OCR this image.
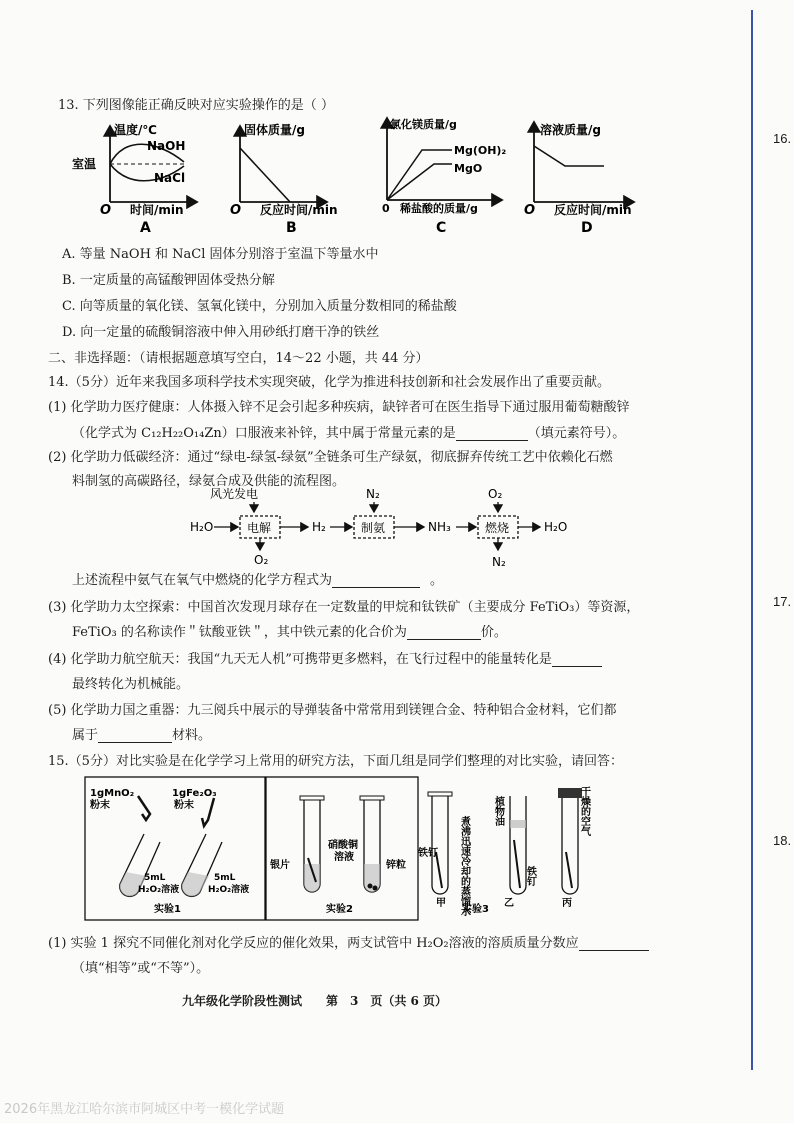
16.
17.
18.
13. 下列图像能正确反映对应实验操作的是（ ）
温度/℃
室温
NaOH
NaCl
O 时间/min
A
固体质量/g
O 反应时间/min
B
氯化镁质量/g
Mg(OH)₂
MgO
0 稀盐酸的质量/g
C
溶液质量/g
O 反应时间/min
D
A. 等量 NaOH 和 NaCl 固体分别溶于室温下等量水中
B. 一定质量的高锰酸钾固体受热分解
C. 向等质量的氧化镁、氢氧化镁中，分别加入质量分数相同的稀盐酸
D. 向一定量的硫酸铜溶液中伸入用砂纸打磨干净的铁丝
二、非选择题：（请根据题意填写空白，14～22 小题，共 44 分）
14.（5分）近年来我国多项科学技术实现突破，化学为推进科技创新和社会发展作出了重要贡献。
(1) 化学助力医疗健康：人体摄入锌不足会引起多种疾病，缺锌者可在医生指导下通过服用葡萄糖酸锌
（化学式为 C₁₂H₂₂O₁₄Zn）口服液来补锌，其中属于常量元素的是	（填元素符号）。
(2) 化学助力低碳经济：通过“绿电-绿氢-绿氨”全链条可生产绿氨，彻底摒弃传统工艺中依赖化石燃
料制氢的高碳路径，绿氨合成及供能的流程图。
风光发电
H₂O	电解
O₂
H₂
N₂
制氨	NH₃
O₂
燃烧
N₂
H₂O
上述流程中氨气在氧气中燃烧的化学方程式为	。
(3) 化学助力太空探索：中国首次发现月球存在一定数量的甲烷和钛铁矿（主要成分 FeTiO₃）等资源，
FeTiO₃ 的名称读作＂钛酸亚铁＂，其中铁元素的化合价为	价。
(4) 化学助力航空航天：我国“九天无人机”可携带更多燃料，在飞行过程中的能量转化是
最终转化为机械能。
(5) 化学助力国之重器：九三阅兵中展示的导弹装备中常常用到镁锂合金、特种铝合金材料，它们都
属于	材料。
15.（5分）对比实验是在化学学习上常用的研究方法，下面几组是同学们整理的对比实验，请回答：
1gMnO₂
粉末
1gFe₂O₃
粉末
5mL
H₂O₂溶液
5mL
H₂O₂溶液
实验1
银片
硝酸铜
溶液
锌粒
实验2
铁钉 煮沸迅速冷却的蒸馏水
植物油
铁钉
干燥的空气
甲
实验3
乙	丙
(1) 实验 1 探究不同催化剂对化学反应的催化效果，两支试管中 H₂O₂溶液的溶质质量分数应
（填“相等”或“不等”）。
九年级化学阶段性测试　　第　3　页（共 6 页）
2026年黑龙江哈尔滨市阿城区中考一模化学试题
